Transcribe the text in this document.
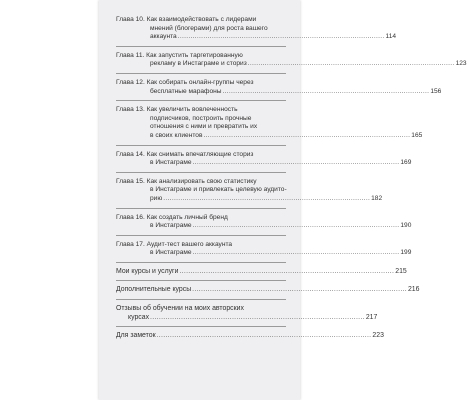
Глава 10. Как взаимодействовать с лидерами
мнений (блогерами) для роста вашего
аккаунта ................................................................................................. 114
Глава 11. Как запустить таргетированную
рекламу в Инстаграме и сториз ................................................................................................. 123
Глава 12. Как собирать онлайн-группы через
бесплатные марафоны ................................................................................................. 156
Глава 13. Как увеличить вовлеченность
подписчиков, построить прочные
отношения с ними и превратить их
в своих клиентов ................................................................................................. 165
Глава 14. Как снимать впечатляющие сториз
в Инстаграме ................................................................................................. 169
Глава 15. Как анализировать свою статистику
в Инстаграме и привлекать целевую аудито-
рию ................................................................................................. 182
Глава 16. Как создать личный бренд
в Инстаграме ................................................................................................. 190
Глава 17. Аудит-тест вашего аккаунта
в Инстаграме ................................................................................................. 199
Мои курсы и услуги ................................................................................................. 215
Дополнительные курсы ................................................................................................. 216
Отзывы об обучении на моих авторских
курсах ................................................................................................. 217
Для заметок ................................................................................................. 223
